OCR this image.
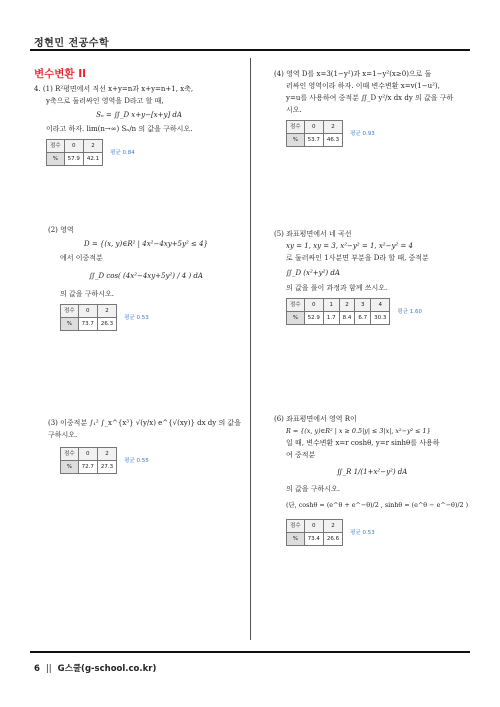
정현민 전공수학
변수변환 II
4. (1) R²평면에서 직선 x+y=n과 x+y=n+1, x축,
y축으로 둘러싸인 영역을 D라고 할 때,
Sₙ = ∬_D x+y−[x+y] dA
이라고 하자. lim(n→∞) Sₙ/n 의 값을 구하시오.
점수	0	2
%	57.9	42.1
평균 0.84
(2) 영역
D = {(x, y)∈R² | 4x²−4xy+5y² ≤ 4}
에서 이중적분
∬_D cos( (4x²−4xy+5y²) / 4 ) dA
의 값을 구하시오.
점수	0	2
%	73.7	26.3
평균 0.53
(3) 이중적분 ∫₁² ∫_x^{x³} √(y/x) e^{√(xy)} dx dy 의 값을 구하시오.
점수	0	2
%	72.7	27.3
평균 0.55
(4) 영역 D를 x=3(1−y²)과 x=1−y²(x≥0)으로 둘
러싸인 영역이라 하자. 이때 변수변환 x=v(1−u²),
y=u를 사용하여 중적분 ∬_D y²/x dx dy 의 값을 구하
시오.
점수	0	2
%	53.7	46.3
평균 0.93
(5) 좌표평면에서 네 곡선
xy = 1, xy = 3, x²−y² = 1, x²−y² = 4
로 둘러싸인 1사분면 부분을 D라 할 때, 중적분
∬_D (x²+y²) dA
의 값을 풀이 과정과 함께 쓰시오.
점수	0	1	2	3	4
%	52.9	1.7	8.4	6.7	30.3
평균 1.60
(6) 좌표평면에서 영역 R이
R = {(x, y)∈R² | x ≥ 0.5|y| ≤ 3|x|, x²−y² ≤ 1}
일 때, 변수변환 x=r coshθ, y=r sinhθ를 사용하
여 중적분
∬_R 1/(1+x²−y²) dA
의 값을 구하시오.
(단, coshθ = (e^θ + e^−θ)/2 , sinhθ = (e^θ − e^−θ)/2 )
점수	0	2
%	73.4	26.6
평균 0.53
6 || G스쿨(g-school.co.kr)
